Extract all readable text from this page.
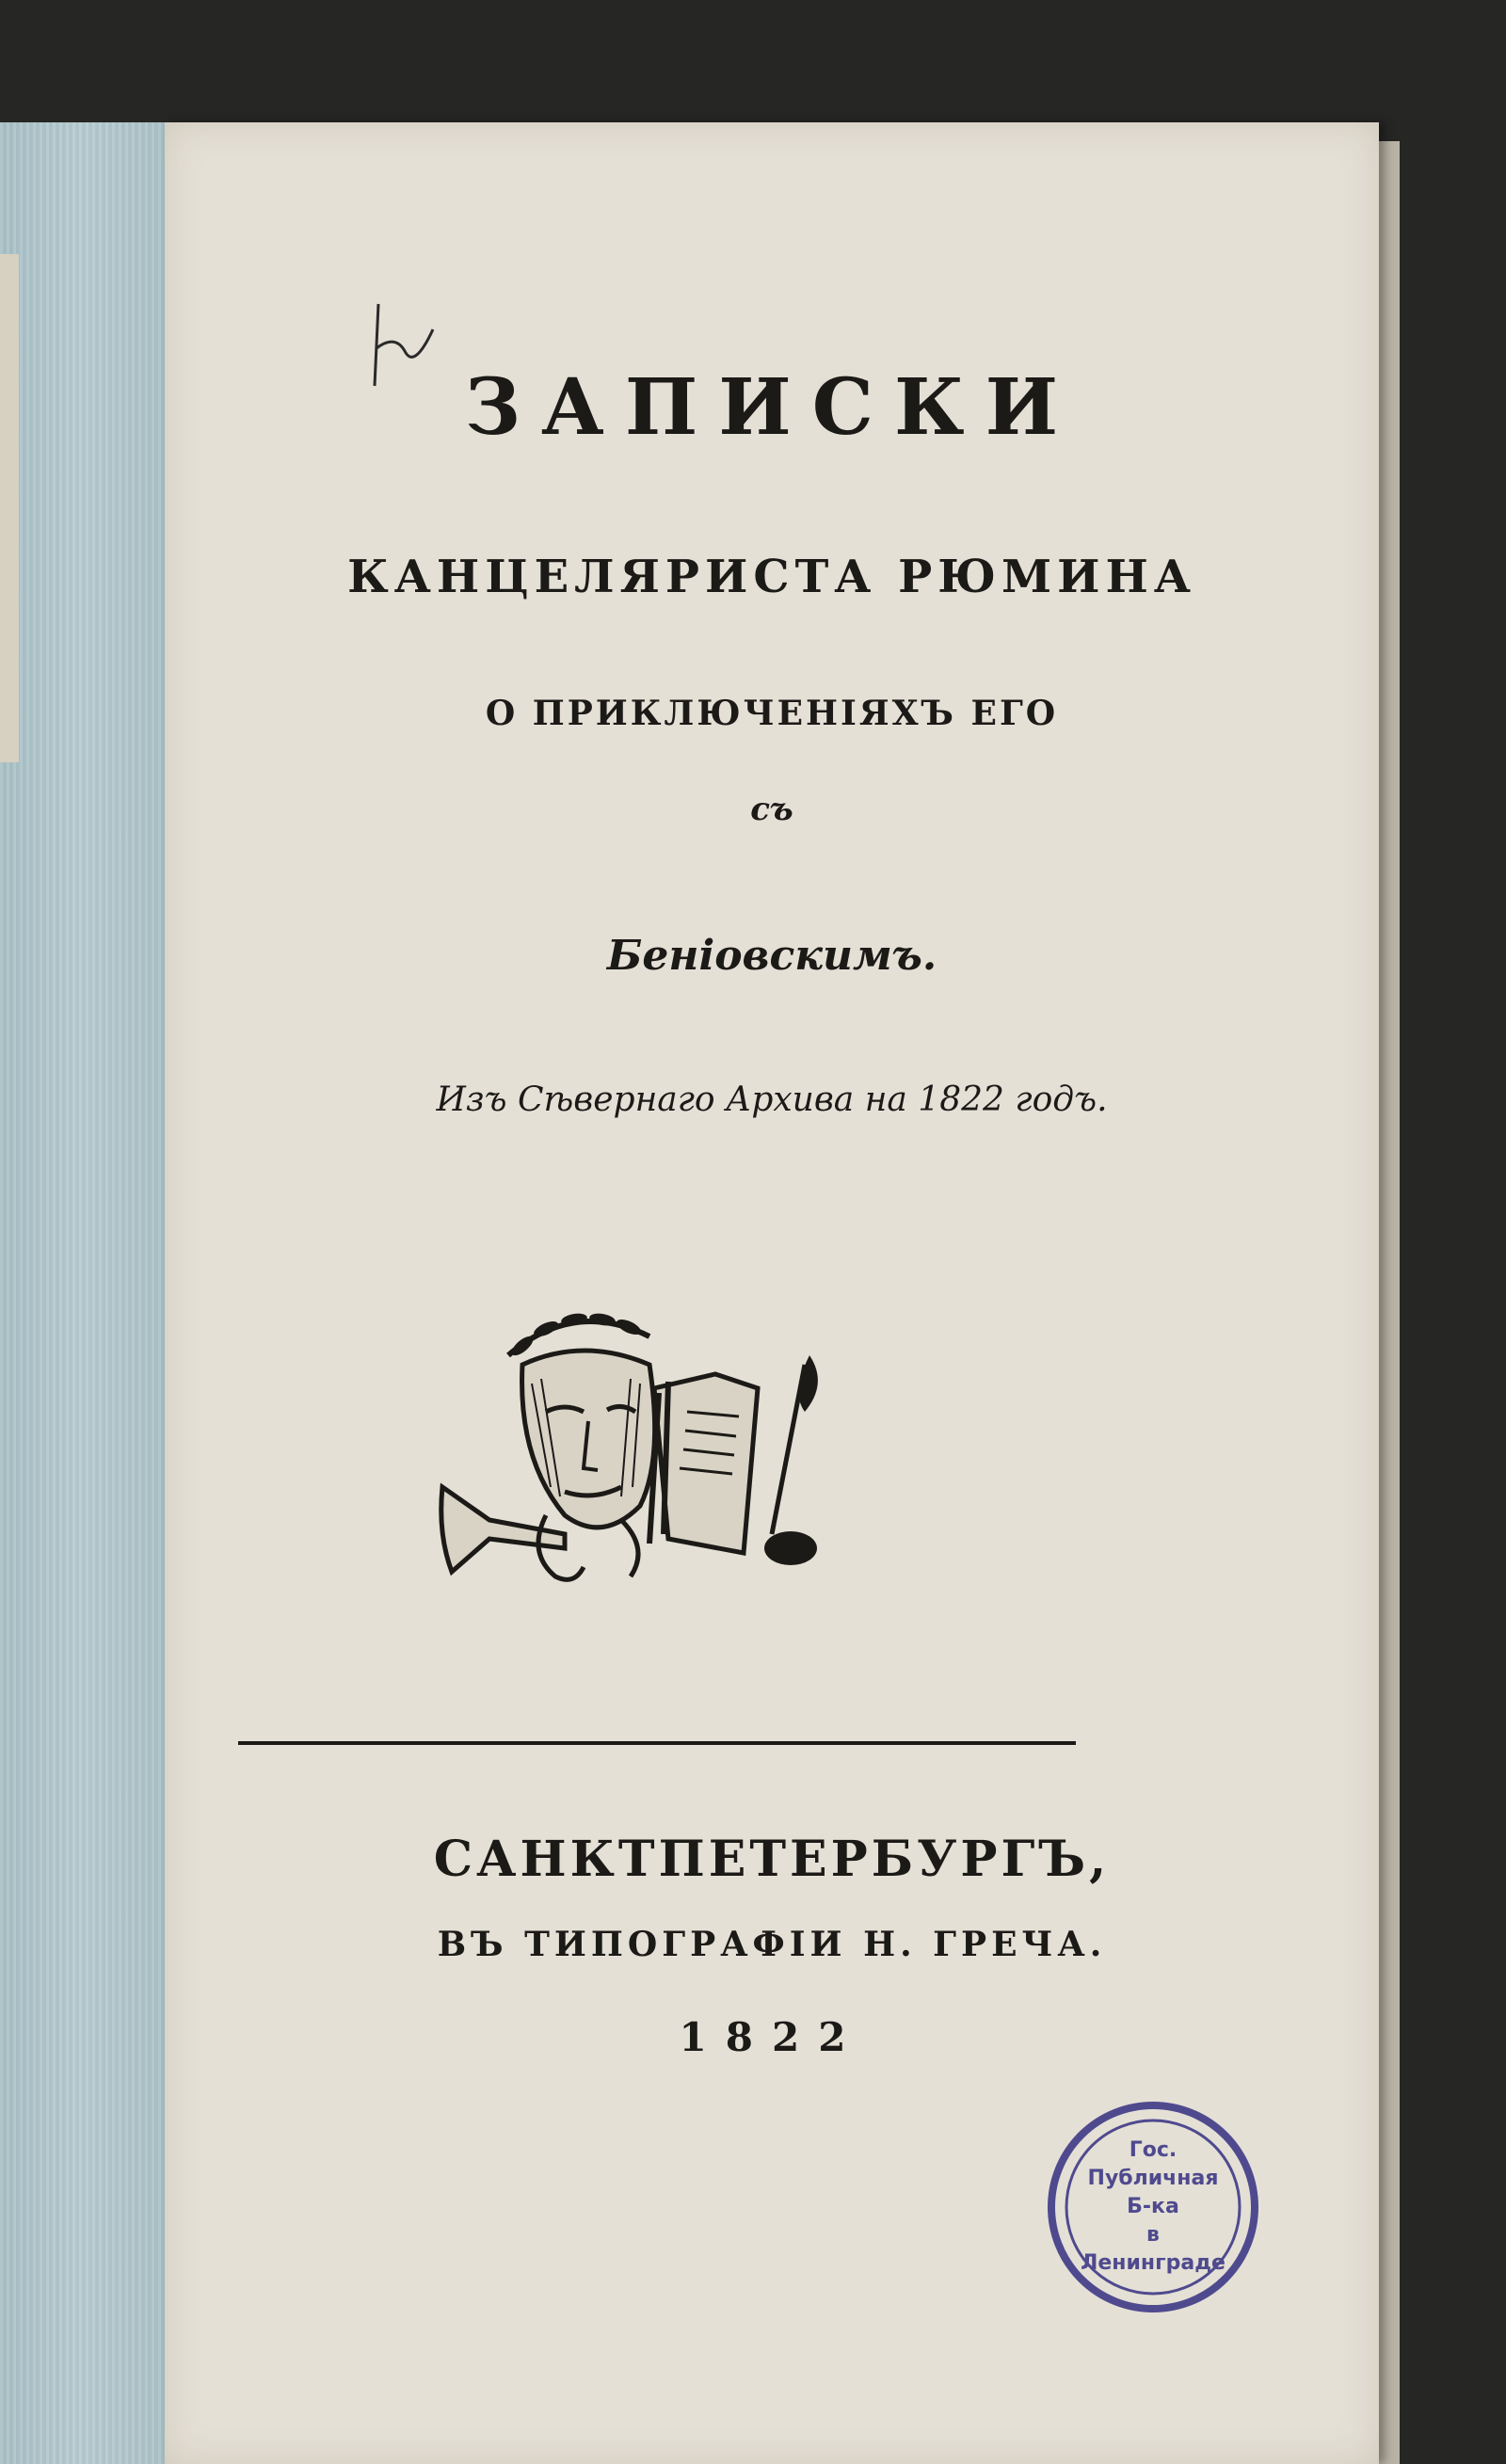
ЗАПИСКИ
КАНЦЕЛЯРИСТА РЮМИНА
О ПРИКЛЮЧЕНІЯХЪ ЕГО
съ
Беніовскимъ.
Изъ Сѣвернаго Архива на 1822 годъ.
САНКТПЕТЕРБУРГЪ,
ВЪ ТИПОГРАФІИ Н. ГРЕЧА.
1822
Гос.
Публичная
Б-ка
в
Ленинграде
